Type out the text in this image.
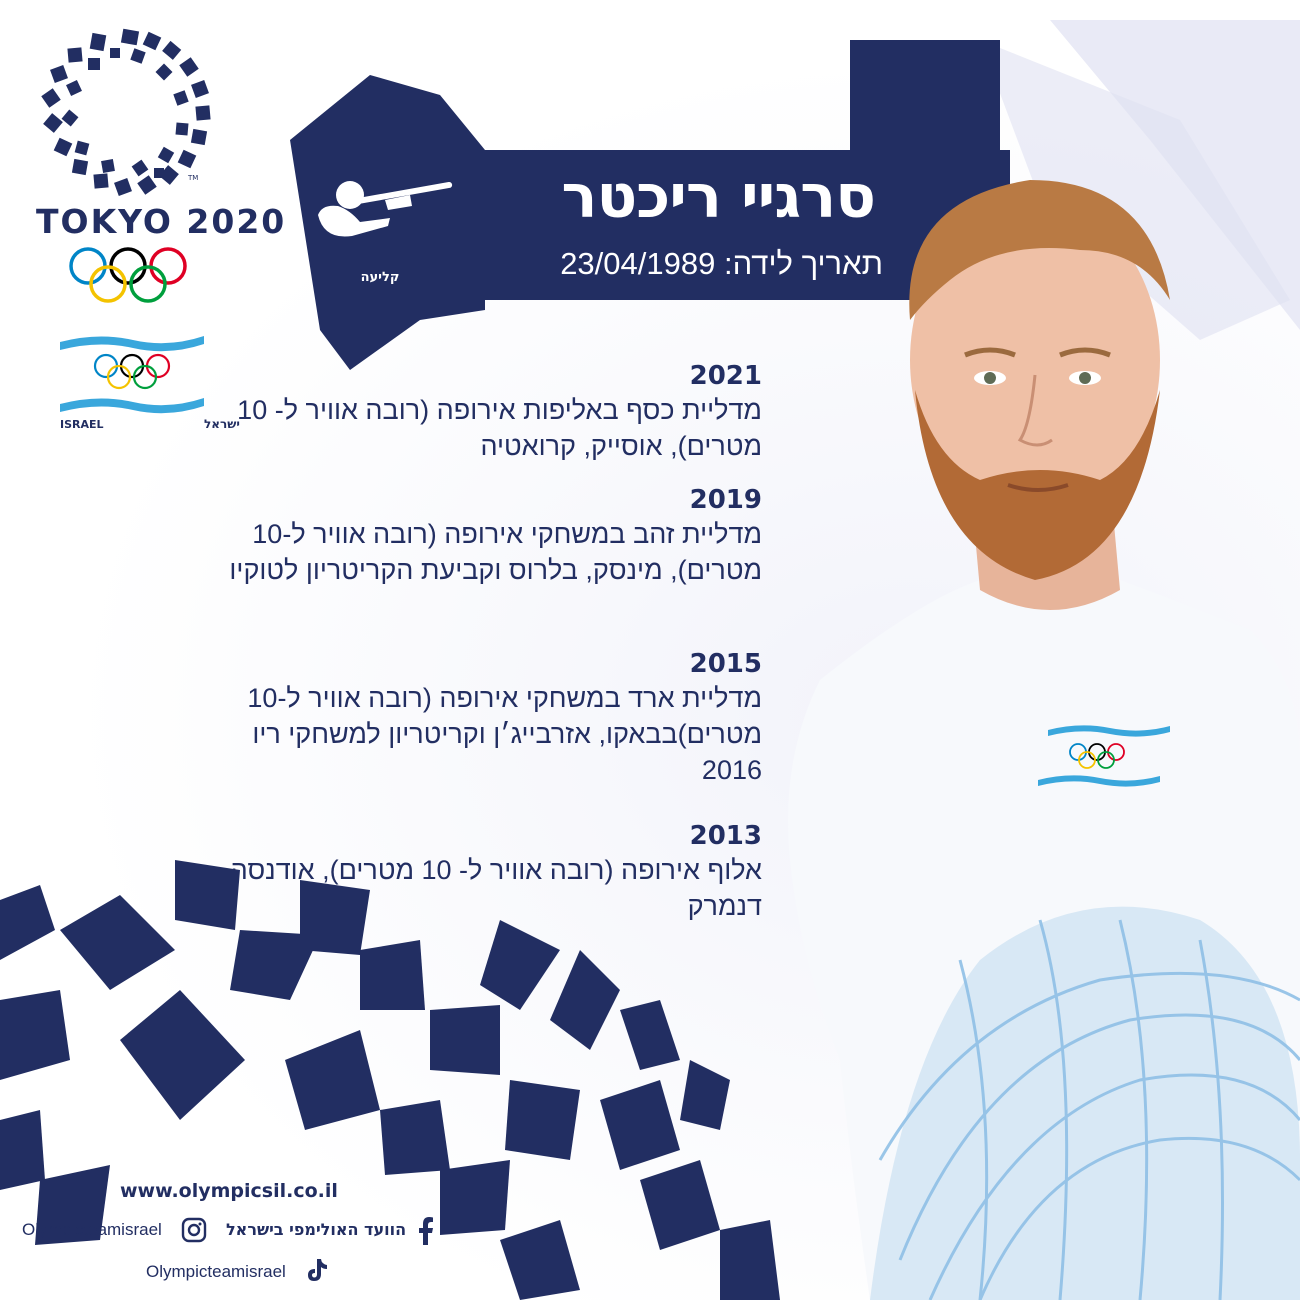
TM
TOKYO 2020
ISRAEL	ישראל
סרגיי ריכטר
תאריך לידה: 23/04/1989
קליעה
2021
מדליית כסף באליפות אירופה (רובה אוויר ל- 10 מטרים), אוסייק, קרואטיה
2019
מדליית זהב במשחקי אירופה (רובה אוויר ל-10 מטרים), מינסק, בלרוס וקביעת הקריטריון לטוקיו
2015
מדליית ארד במשחקי אירופה (רובה אוויר ל-10 מטרים)בבאקו, אזרבייג׳ן וקריטריון למשחקי ריו 2016
2013
אלוף אירופה (רובה אוויר ל- 10 מטרים), אודנסה, דנמרק
www.olympicsil.co.il
Olympicteamisrael	הוועד האולימפי בישראל
Olympicteamisrael
